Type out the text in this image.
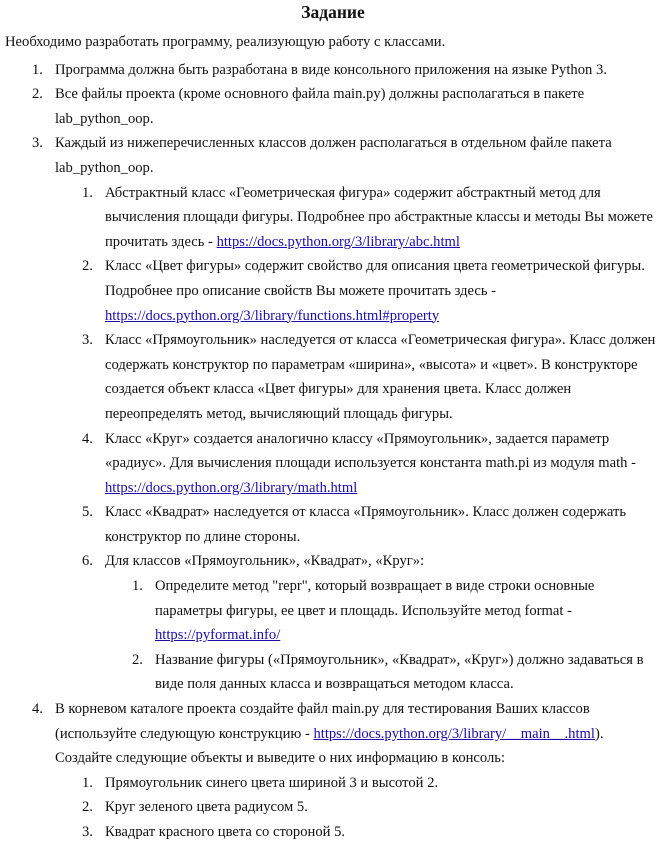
Задание
Необходимо разработать программу, реализующую работу с классами.
1. Программа должна быть разработана в виде консольного приложения на языке Python 3.
2. Все файлы проекта (кроме основного файла main.py) должны располагаться в пакете lab_python_oop.
3. Каждый из нижеперечисленных классов должен располагаться в отдельном файле пакета lab_python_oop.
1. Абстрактный класс «Геометрическая фигура» содержит абстрактный метод для вычисления площади фигуры. Подробнее про абстрактные классы и методы Вы можете прочитать здесь - https://docs.python.org/3/library/abc.html
2. Класс «Цвет фигуры» содержит свойство для описания цвета геометрической фигуры. Подробнее про описание свойств Вы можете прочитать здесь - https://docs.python.org/3/library/functions.html#property
3. Класс «Прямоугольник» наследуется от класса «Геометрическая фигура». Класс должен содержать конструктор по параметрам «ширина», «высота» и «цвет». В конструкторе создается объект класса «Цвет фигуры» для хранения цвета. Класс должен переопределять метод, вычисляющий площадь фигуры.
4. Класс «Круг» создается аналогично классу «Прямоугольник», задается параметр «радиус». Для вычисления площади используется константа math.pi из модуля math - https://docs.python.org/3/library/math.html
5. Класс «Квадрат» наследуется от класса «Прямоугольник». Класс должен содержать конструктор по длине стороны.
6. Для классов «Прямоугольник», «Квадрат», «Круг»:
1. Определите метод "repr", который возвращает в виде строки основные параметры фигуры, ее цвет и площадь. Используйте метод format - https://pyformat.info/
2. Название фигуры («Прямоугольник», «Квадрат», «Круг») должно задаваться в виде поля данных класса и возвращаться методом класса.
4. В корневом каталоге проекта создайте файл main.py для тестирования Ваших классов (используйте следующую конструкцию - https://docs.python.org/3/library/__main__.html). Создайте следующие объекты и выведите о них информацию в консоль:
1. Прямоугольник синего цвета шириной 3 и высотой 2.
2. Круг зеленого цвета радиусом 5.
3. Квадрат красного цвета со стороной 5.
